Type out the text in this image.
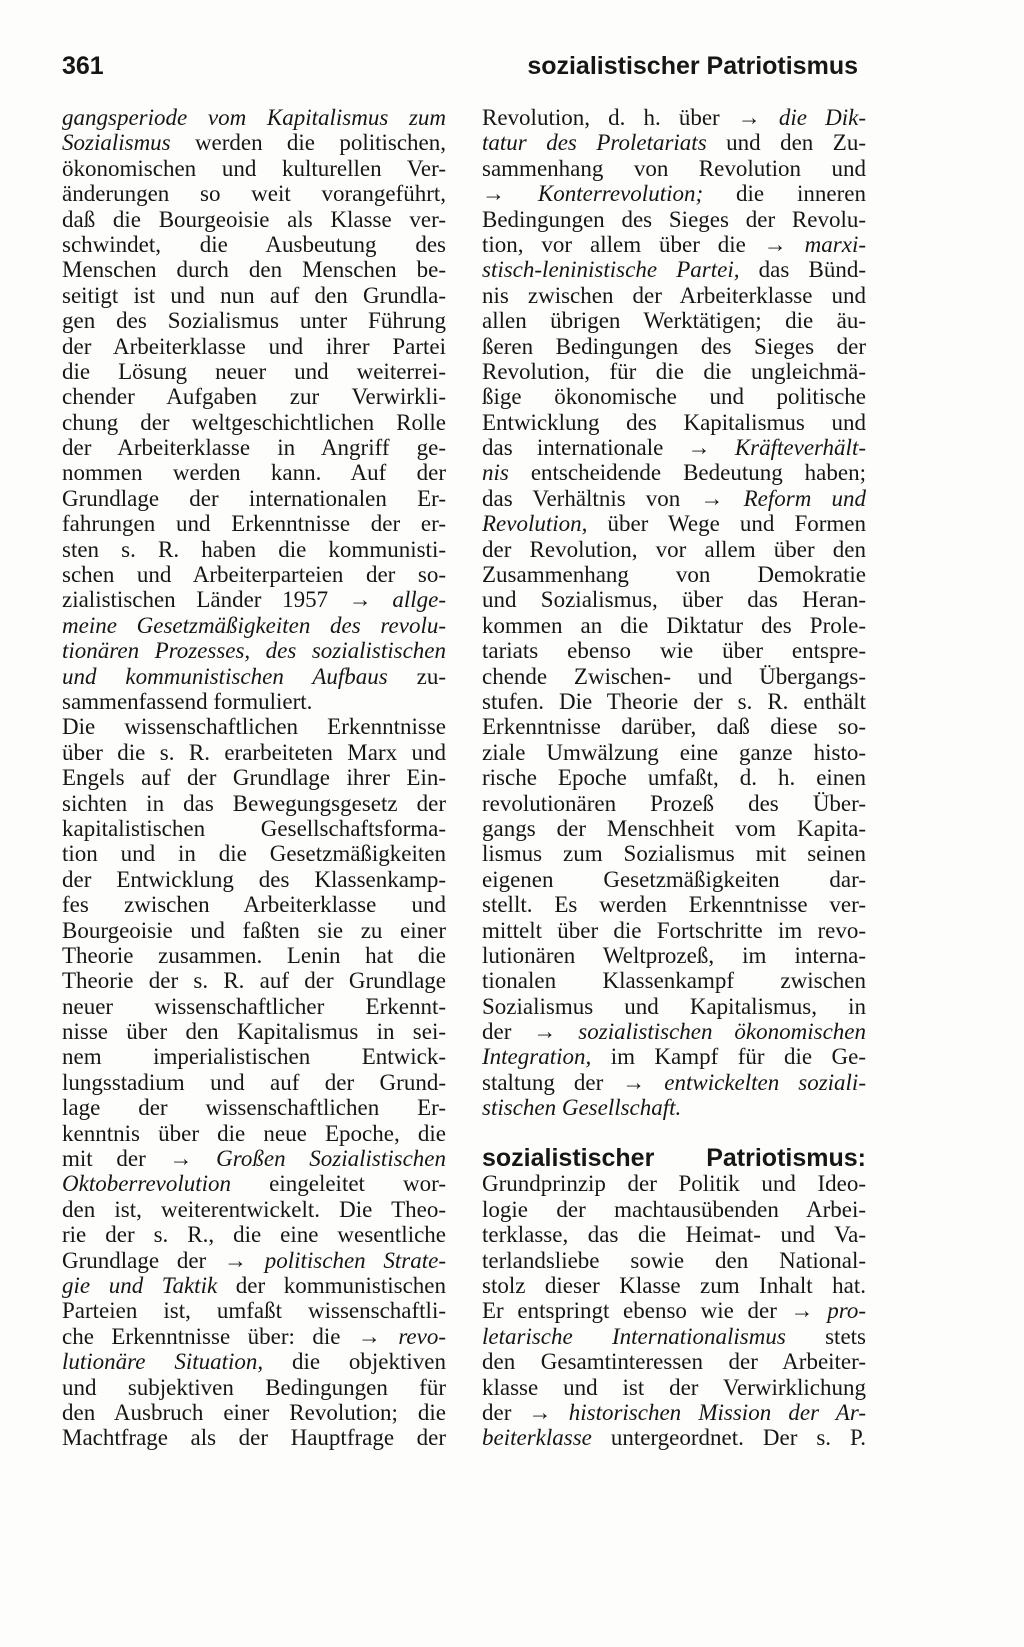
361	sozialistischer Patriotismus
gangsperiode vom Kapitalismus zum
Sozialismus werden die politischen,
ökonomischen und kulturellen Ver-
änderungen so weit vorangeführt,
daß die Bourgeoisie als Klasse ver-
schwindet, die Ausbeutung des
Menschen durch den Menschen be-
seitigt ist und nun auf den Grundla-
gen des Sozialismus unter Führung
der Arbeiterklasse und ihrer Partei
die Lösung neuer und weiterrei-
chender Aufgaben zur Verwirkli-
chung der weltgeschichtlichen Rolle
der Arbeiterklasse in Angriff ge-
nommen werden kann. Auf der
Grundlage der internationalen Er-
fahrungen und Erkenntnisse der er-
sten s. R. haben die kommunisti-
schen und Arbeiterparteien der so-
zialistischen Länder 1957 → allge-
meine Gesetzmäßigkeiten des revolu-
tionären Prozesses, des sozialistischen
und kommunistischen Aufbaus zu-
sammenfassend formuliert.
Die wissenschaftlichen Erkenntnisse
über die s. R. erarbeiteten Marx und
Engels auf der Grundlage ihrer Ein-
sichten in das Bewegungsgesetz der
kapitalistischen Gesellschaftsforma-
tion und in die Gesetzmäßigkeiten
der Entwicklung des Klassenkamp-
fes zwischen Arbeiterklasse und
Bourgeoisie und faßten sie zu einer
Theorie zusammen. Lenin hat die
Theorie der s. R. auf der Grundlage
neuer wissenschaftlicher Erkennt-
nisse über den Kapitalismus in sei-
nem imperialistischen Entwick-
lungsstadium und auf der Grund-
lage der wissenschaftlichen Er-
kenntnis über die neue Epoche, die
mit der → Großen Sozialistischen
Oktoberrevolution eingeleitet wor-
den ist, weiterentwickelt. Die Theo-
rie der s. R., die eine wesentliche
Grundlage der → politischen Strate-
gie und Taktik der kommunistischen
Parteien ist, umfaßt wissenschaftli-
che Erkenntnisse über: die → revo-
lutionäre Situation, die objektiven
und subjektiven Bedingungen für
den Ausbruch einer Revolution; die
Machtfrage als der Hauptfrage der
Revolution, d. h. über → die Dik-
tatur des Proletariats und den Zu-
sammenhang von Revolution und
→ Konterrevolution; die inneren
Bedingungen des Sieges der Revolu-
tion, vor allem über die → marxi-
stisch-leninistische Partei, das Bünd-
nis zwischen der Arbeiterklasse und
allen übrigen Werktätigen; die äu-
ßeren Bedingungen des Sieges der
Revolution, für die die ungleichmä-
ßige ökonomische und politische
Entwicklung des Kapitalismus und
das internationale → Kräfteverhält-
nis entscheidende Bedeutung haben;
das Verhältnis von → Reform und
Revolution, über Wege und Formen
der Revolution, vor allem über den
Zusammenhang von Demokratie
und Sozialismus, über das Heran-
kommen an die Diktatur des Prole-
tariats ebenso wie über entspre-
chende Zwischen- und Übergangs-
stufen. Die Theorie der s. R. enthält
Erkenntnisse darüber, daß diese so-
ziale Umwälzung eine ganze histo-
rische Epoche umfaßt, d. h. einen
revolutionären Prozeß des Über-
gangs der Menschheit vom Kapita-
lismus zum Sozialismus mit seinen
eigenen Gesetzmäßigkeiten dar-
stellt. Es werden Erkenntnisse ver-
mittelt über die Fortschritte im revo-
lutionären Weltprozeß, im interna-
tionalen Klassenkampf zwischen
Sozialismus und Kapitalismus, in
der → sozialistischen ökonomischen
Integration, im Kampf für die Ge-
staltung der → entwickelten soziali-
stischen Gesellschaft.
sozialistischer Patriotismus:
Grundprinzip der Politik und Ideo-
logie der machtausübenden Arbei-
terklasse, das die Heimat- und Va-
terlandsliebe sowie den National-
stolz dieser Klasse zum Inhalt hat.
Er entspringt ebenso wie der → pro-
letarische Internationalismus stets
den Gesamtinteressen der Arbeiter-
klasse und ist der Verwirklichung
der → historischen Mission der Ar-
beiterklasse untergeordnet. Der s. P.
